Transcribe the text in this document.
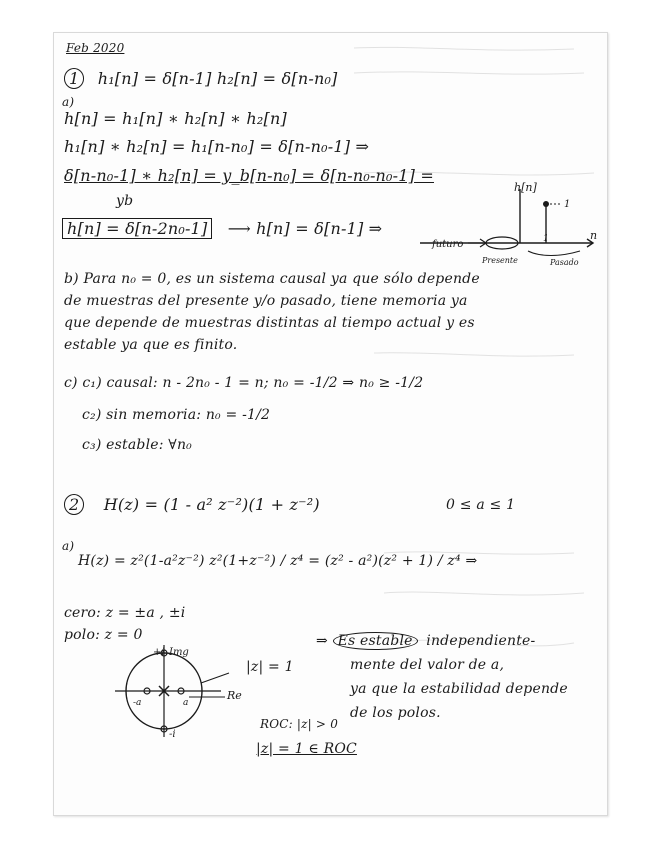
Feb 2020
1 h₁[n] = δ[n-1] h₂[n] = δ[n-n₀]
a)
h[n] = h₁[n] ∗ h₂[n] ∗ h₂[n]
h₁[n] ∗ h₂[n] = h₁[n-n₀] = δ[n-n₀-1] ⇒
δ[n-n₀-1] ∗ h₂[n] = y_b[n-n₀] = δ[n-n₀-n₀-1] =
yb
h[n] = δ[n-2n₀-1] ⟶ h[n] = δ[n-1] ⇒
h[n]
n
1
1
futuro
Presente	Pasado
b) Para n₀ = 0, es un sistema causal ya que sólo depende
de muestras del presente y/o pasado, tiene memoria ya
que depende de muestras distintas al tiempo actual y es
estable ya que es finito.
c) c₁) causal: n - 2n₀ - 1 = n; n₀ = -1/2 ⇒ n₀ ≥ -1/2
c₂) sin memoria: n₀ = -1/2
c₃) estable: ∀n₀
2 H(z) = (1 - a² z⁻²)(1 + z⁻²)	0 ≤ a ≤ 1
a)
H(z) = z²(1-a²z⁻²) z²(1+z⁻²) / z⁴ = (z² - a²)(z² + 1) / z⁴ ⇒
cero: z = ±a , ±i
polo: z = 0
+i Img
Re
-i
-a	a
|z| = 1
⇒ Es estable independiente-
mente del valor de a,
ya que la estabilidad depende
de los polos.
ROC: |z| > 0
|z| = 1 ∈ ROC
